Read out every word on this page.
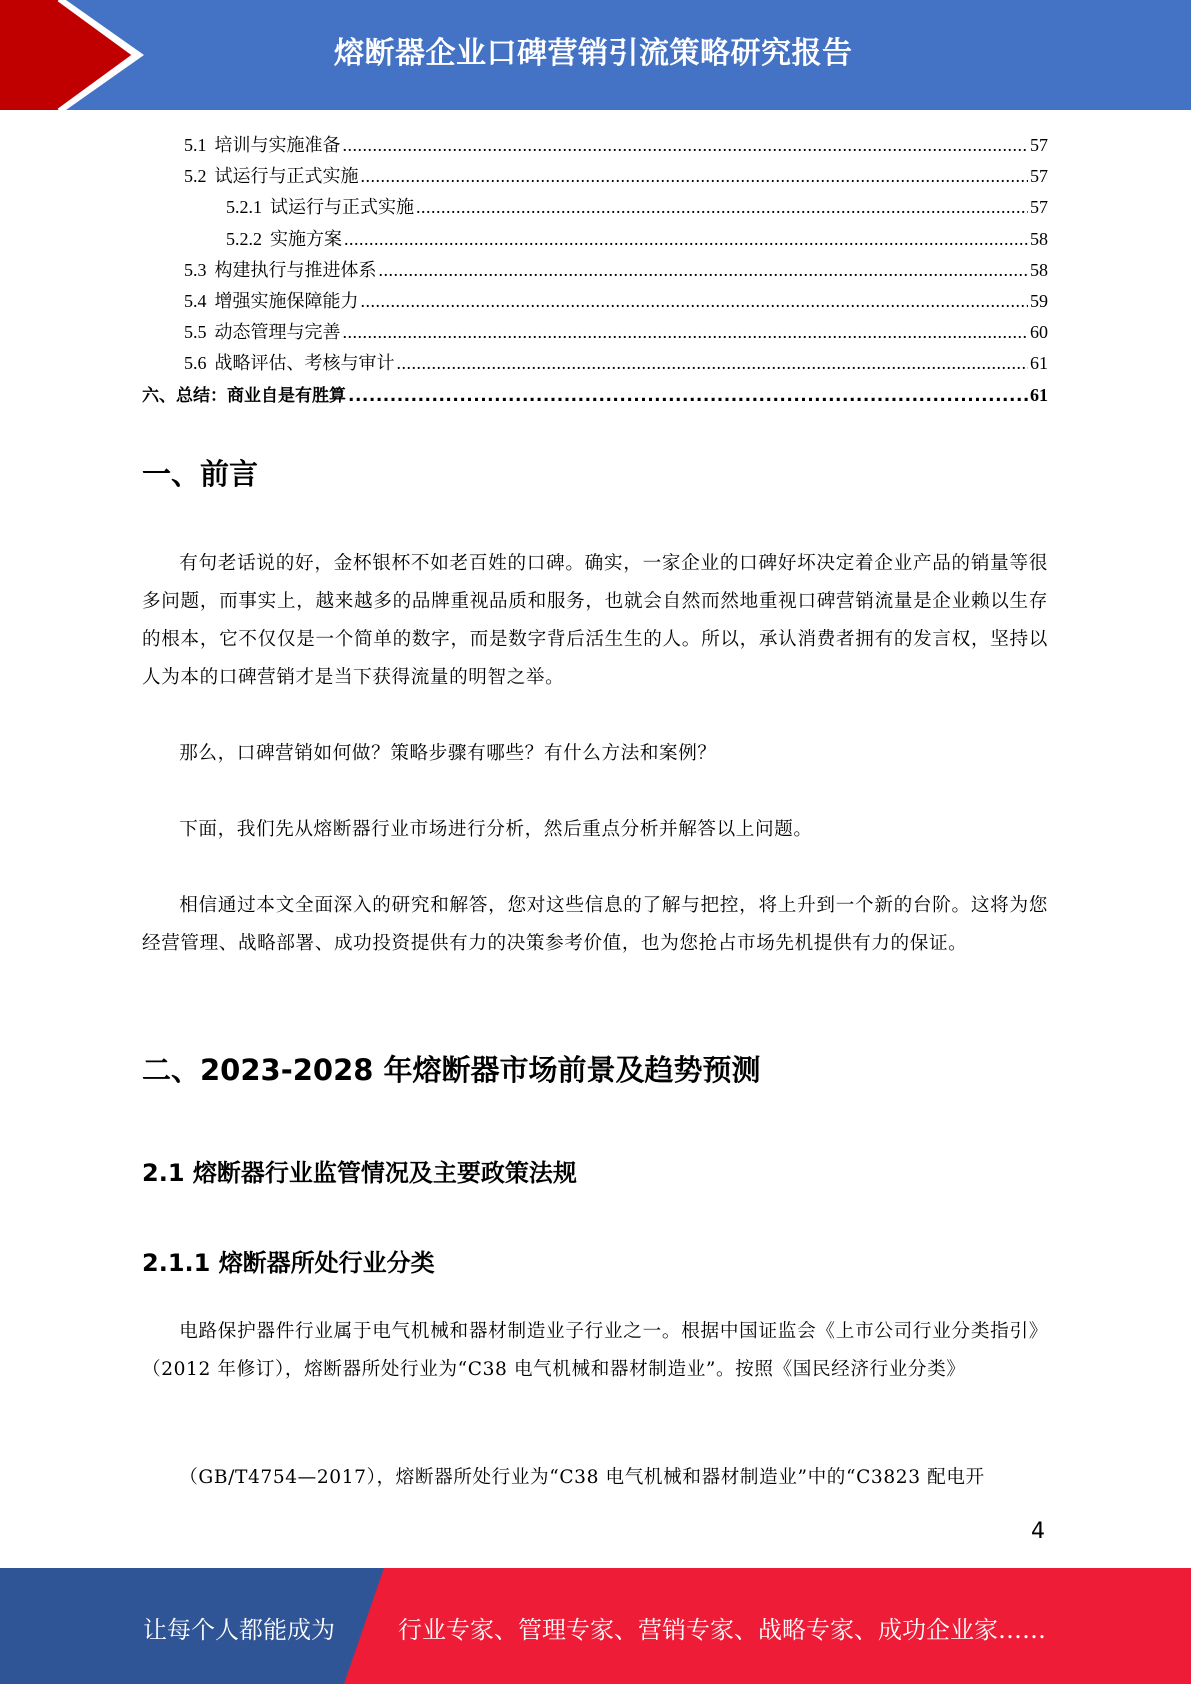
熔断器企业口碑营销引流策略研究报告
5.1 培训与实施准备 .....	57
5.2 试运行与正式实施 .....	57
5.2.1 试运行与正式实施 .....	57
5.2.2 实施方案 .....	58
5.3 构建执行与推进体系 .....	58
5.4 增强实施保障能力 .....	59
5.5 动态管理与完善 .....	60
5.6 战略评估、考核与审计 .....	61
六、总结：商业自是有胜算 .....	61
一、前言
有句老话说的好，金杯银杯不如老百姓的口碑。确实，一家企业的口碑好坏决定着企业产品的销量等很多问题，而事实上，越来越多的品牌重视品质和服务，也就会自然而然地重视口碑营销流量是企业赖以生存的根本，它不仅仅是一个简单的数字，而是数字背后活生生的人。所以，承认消费者拥有的发言权，坚持以人为本的口碑营销才是当下获得流量的明智之举。
那么，口碑营销如何做？策略步骤有哪些？有什么方法和案例？
下面，我们先从熔断器行业市场进行分析，然后重点分析并解答以上问题。
相信通过本文全面深入的研究和解答，您对这些信息的了解与把控，将上升到一个新的台阶。这将为您经营管理、战略部署、成功投资提供有力的决策参考价值，也为您抢占市场先机提供有力的保证。
二、2023-2028 年熔断器市场前景及趋势预测
2.1 熔断器行业监管情况及主要政策法规
2.1.1 熔断器所处行业分类
电路保护器件行业属于电气机械和器材制造业子行业之一。根据中国证监会《上市公司行业分类指引》（2012 年修订），熔断器所处行业为“C38 电气机械和器材制造业”。按照《国民经济行业分类》
（GB/T4754—2017），熔断器所处行业为“C38 电气机械和器材制造业”中的“C3823 配电开
4
让每个人都能成为	行业专家、管理专家、营销专家、战略专家、成功企业家……
